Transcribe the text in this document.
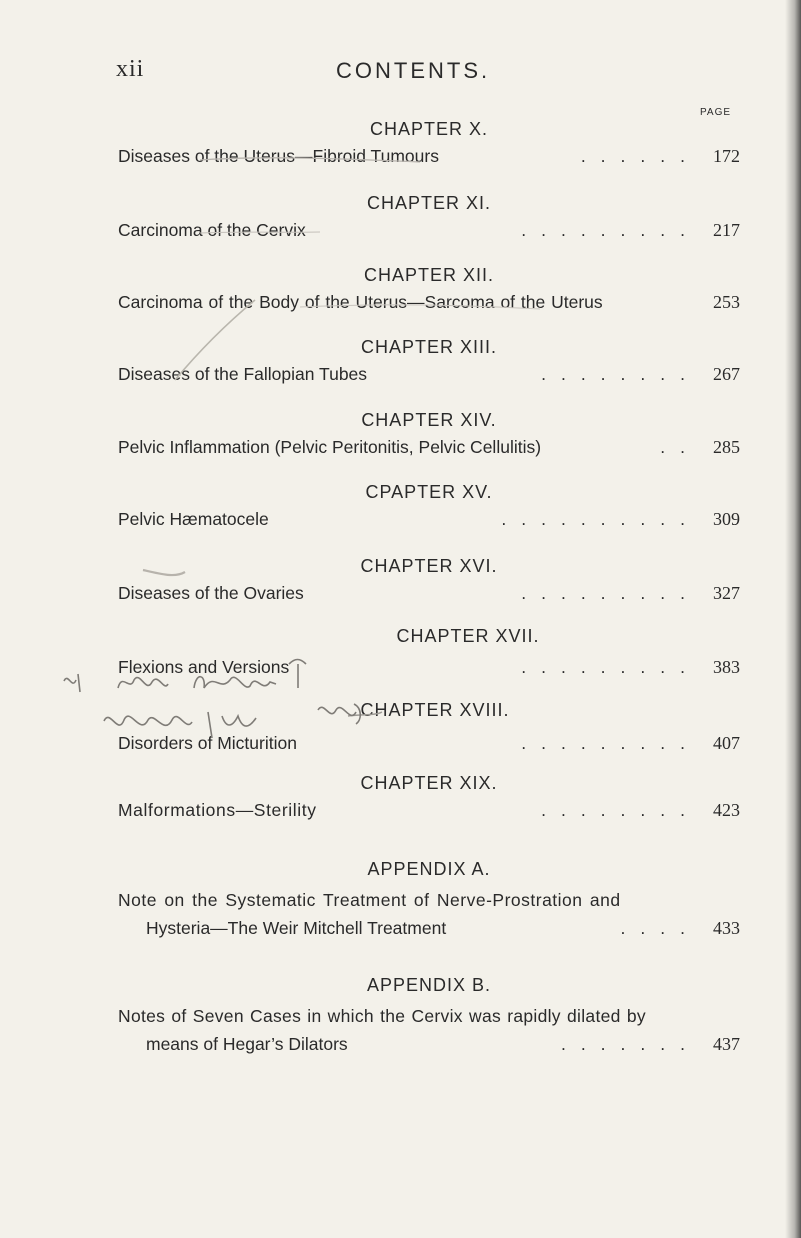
xii	CONTENTS.
PAGE
CHAPTER X.
Diseases of the Uterus—Fibroid Tumours	...... 172
CHAPTER XI.
Carcinoma of the Cervix	......... 217
CHAPTER XII.
Carcinoma of the Body of the Uterus—Sarcoma of the Uterus	253
CHAPTER XIII.
Diseases of the Fallopian Tubes	........ 267
CHAPTER XIV.
Pelvic Inflammation (Pelvic Peritonitis, Pelvic Cellulitis)	.. 285
CPAPTER XV.
Pelvic Hæmatocele	.......... 309
CHAPTER XVI.
Diseases of the Ovaries	......... 327
CHAPTER XVII.
Flexions and Versions	......... 383
CHAPTER XVIII.
Disorders of Micturition	......... 407
CHAPTER XIX.
Malformations—Sterility	........ 423
APPENDIX A.
Note on the Systematic Treatment of Nerve-Prostration and
Hysteria—The Weir Mitchell Treatment	.... 433
APPENDIX B.
Notes of Seven Cases in which the Cervix was rapidly dilated by
means of Hegar’s Dilators	....... 437
